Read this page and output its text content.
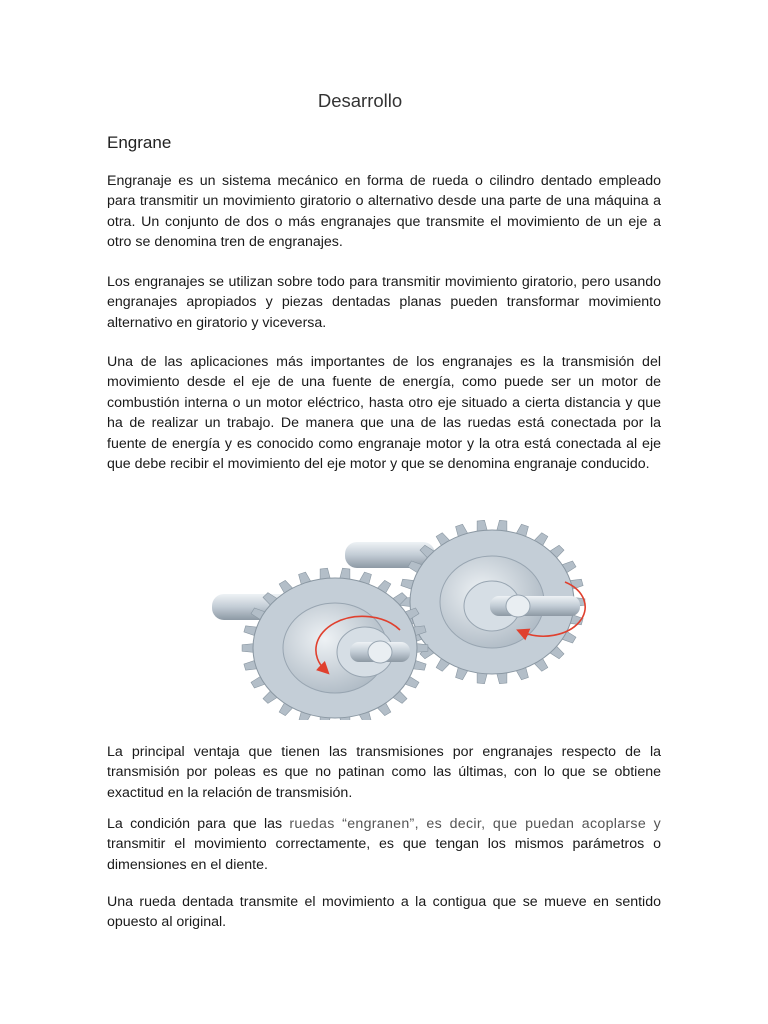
Desarrollo
Engrane

Engranaje es un sistema mecánico en forma de rueda o cilindro dentado empleado para transmitir un movimiento giratorio o alternativo desde una parte de una máquina a otra. Un conjunto de dos o más engranajes que transmite el movimiento de un eje a otro se denomina tren de engranajes.

Los engranajes se utilizan sobre todo para transmitir movimiento giratorio, pero usando engranajes apropiados y piezas dentadas planas pueden transformar movimiento alternativo en giratorio y viceversa.

Una de las aplicaciones más importantes de los engranajes es la transmisión del movimiento desde el eje de una fuente de energía, como puede ser un motor de combustión interna o un motor eléctrico, hasta otro eje situado a cierta distancia y que ha de realizar un trabajo. De manera que una de las ruedas está conectada por la fuente de energía y es conocido como engranaje motor y la otra está conectada al eje que debe recibir el movimiento del eje motor y que se denomina engranaje conducido.

La principal ventaja que tienen las transmisiones por engranajes respecto de la transmisión por poleas es que no patinan como las últimas, con lo que se obtiene exactitud en la relación de transmisión.

La condición para que las ruedas “engranen”, es decir, que puedan acoplarse y transmitir el movimiento correctamente, es que tengan los mismos parámetros o dimensiones en el diente.

Una rueda dentada transmite el movimiento a la contigua que se mueve en sentido opuesto al original.
